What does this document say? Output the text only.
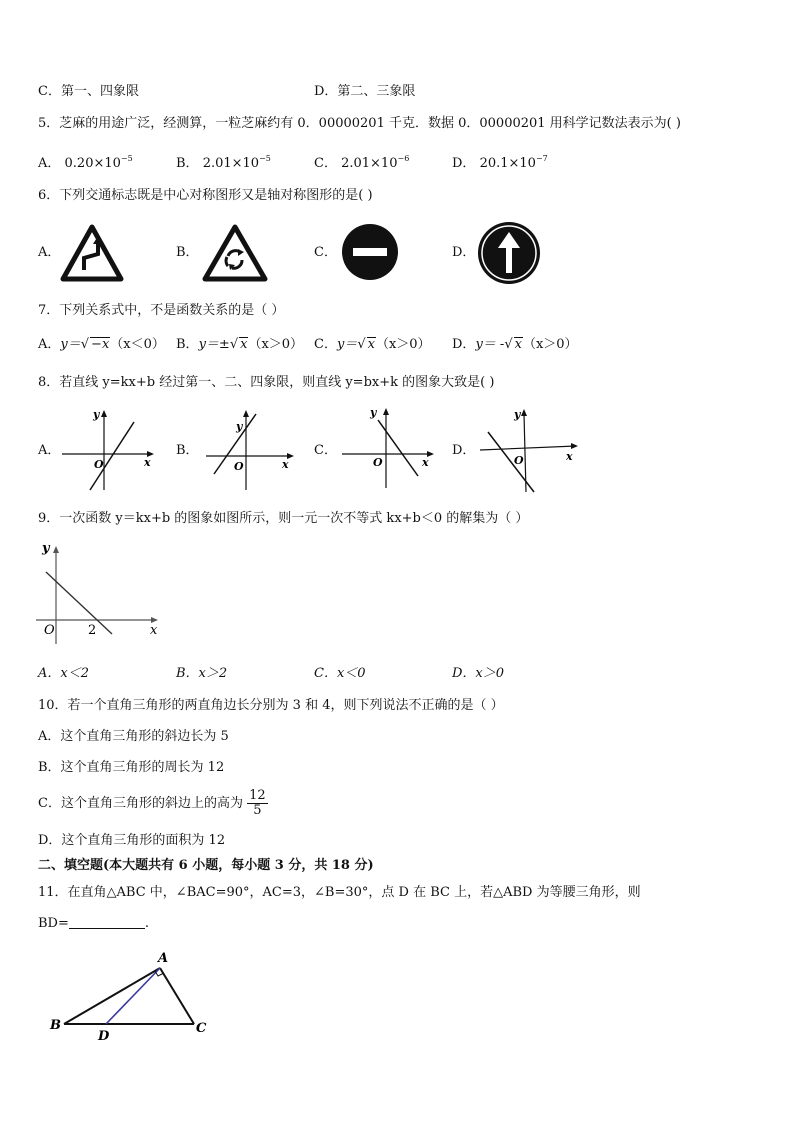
C．第一、四象限	D．第二、三象限
5．芝麻的用途广泛，经测算，一粒芝麻约有 0．00000201 千克．数据 0．00000201 用科学记数法表示为( )
A． $0.20\times 10^{-5}$	B． $2.01\times 10^{-5}$	C． $2.01\times 10^{-6}$	D． $20.1\times 10^{-7}$
6．下列交通标志既是中心对称图形又是轴对称图形的是( )
A．	B．	C．	D．
7．下列关系式中，不是函数关系的是（ ）
A．y＝√ −x（x＜0） B．y＝±√ x（x＞0） C．y＝√ x（x＞0） D．y＝ -√ x（x＞0）
8．若直线 y=kx+b 经过第一、二、四象限，则直线 y=bx+k 的图象大致是( )
A．
O
y
x
B．
O
y
x
C．
O
y
x
D．
O
y
x
9．一次函数 y＝kx+b 的图象如图所示，则一元一次不等式 kx+b＜0 的解集为（ ）
y
O	2	x
A．x＜2	B．x＞2	C．x＜0	D．x＞0
10．若一个直角三角形的两直角边长分别为 3 和 4，则下列说法不正确的是（ ）
A．这个直角三角形的斜边长为 5
B．这个直角三角形的周长为 12
C．这个直角三角形的斜边上的高为 $\frac{12}{5}$
D．这个直角三角形的面积为 12
二、填空题(本大题共有 6 小题，每小题 3 分，共 18 分)
11．在直角△ABC 中，∠BAC=90°，AC=3，∠B=30°，点 D 在 BC 上，若△ABD 为等腰三角形，则
BD=	.
A
B	C
D
